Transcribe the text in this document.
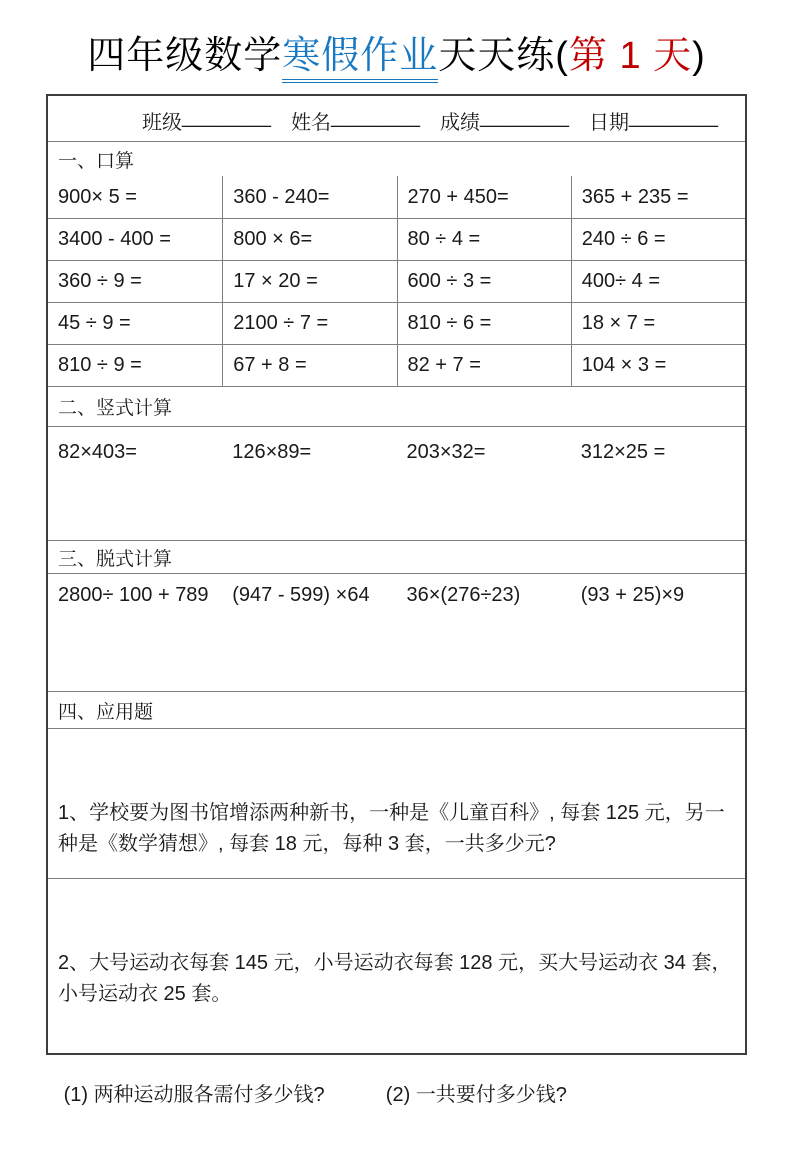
四年级数学寒假作业天天练(第 1 天)
班级 ________ 姓名 ________ 成绩 ________ 日期 ________
一、口算
900× 5 =	360 - 240=	270 + 450=	365 + 235 =
3400 - 400 =	800 × 6=	80 ÷ 4 =	240 ÷ 6 =
360 ÷ 9 =	17 × 20 =	600 ÷ 3 =	400÷ 4 =
45 ÷ 9 =	2100 ÷ 7 =	810 ÷ 6 =	18 × 7 =
810 ÷ 9 =	67 + 8 =	82 + 7 =	104 × 3 =
二、竖式计算
82×403=	126×89=	203×32=	312×25 =
三、脱式计算
2800÷ 100 + 789	(947 - 599) ×64	36×(276÷23)	(93 + 25)×9
四、应用题

1、学校要为图书馆增添两种新书，一种是《儿童百科》, 每套 125 元，另一种是《数学猜想》, 每套 18 元，每种 3 套，一共多少元?

2、大号运动衣每套 145 元，小号运动衣每套 128 元，买大号运动衣 34 套，小号运动衣 25 套。

(1) 两种运动服各需付多少钱?           (2) 一共要付多少钱?
